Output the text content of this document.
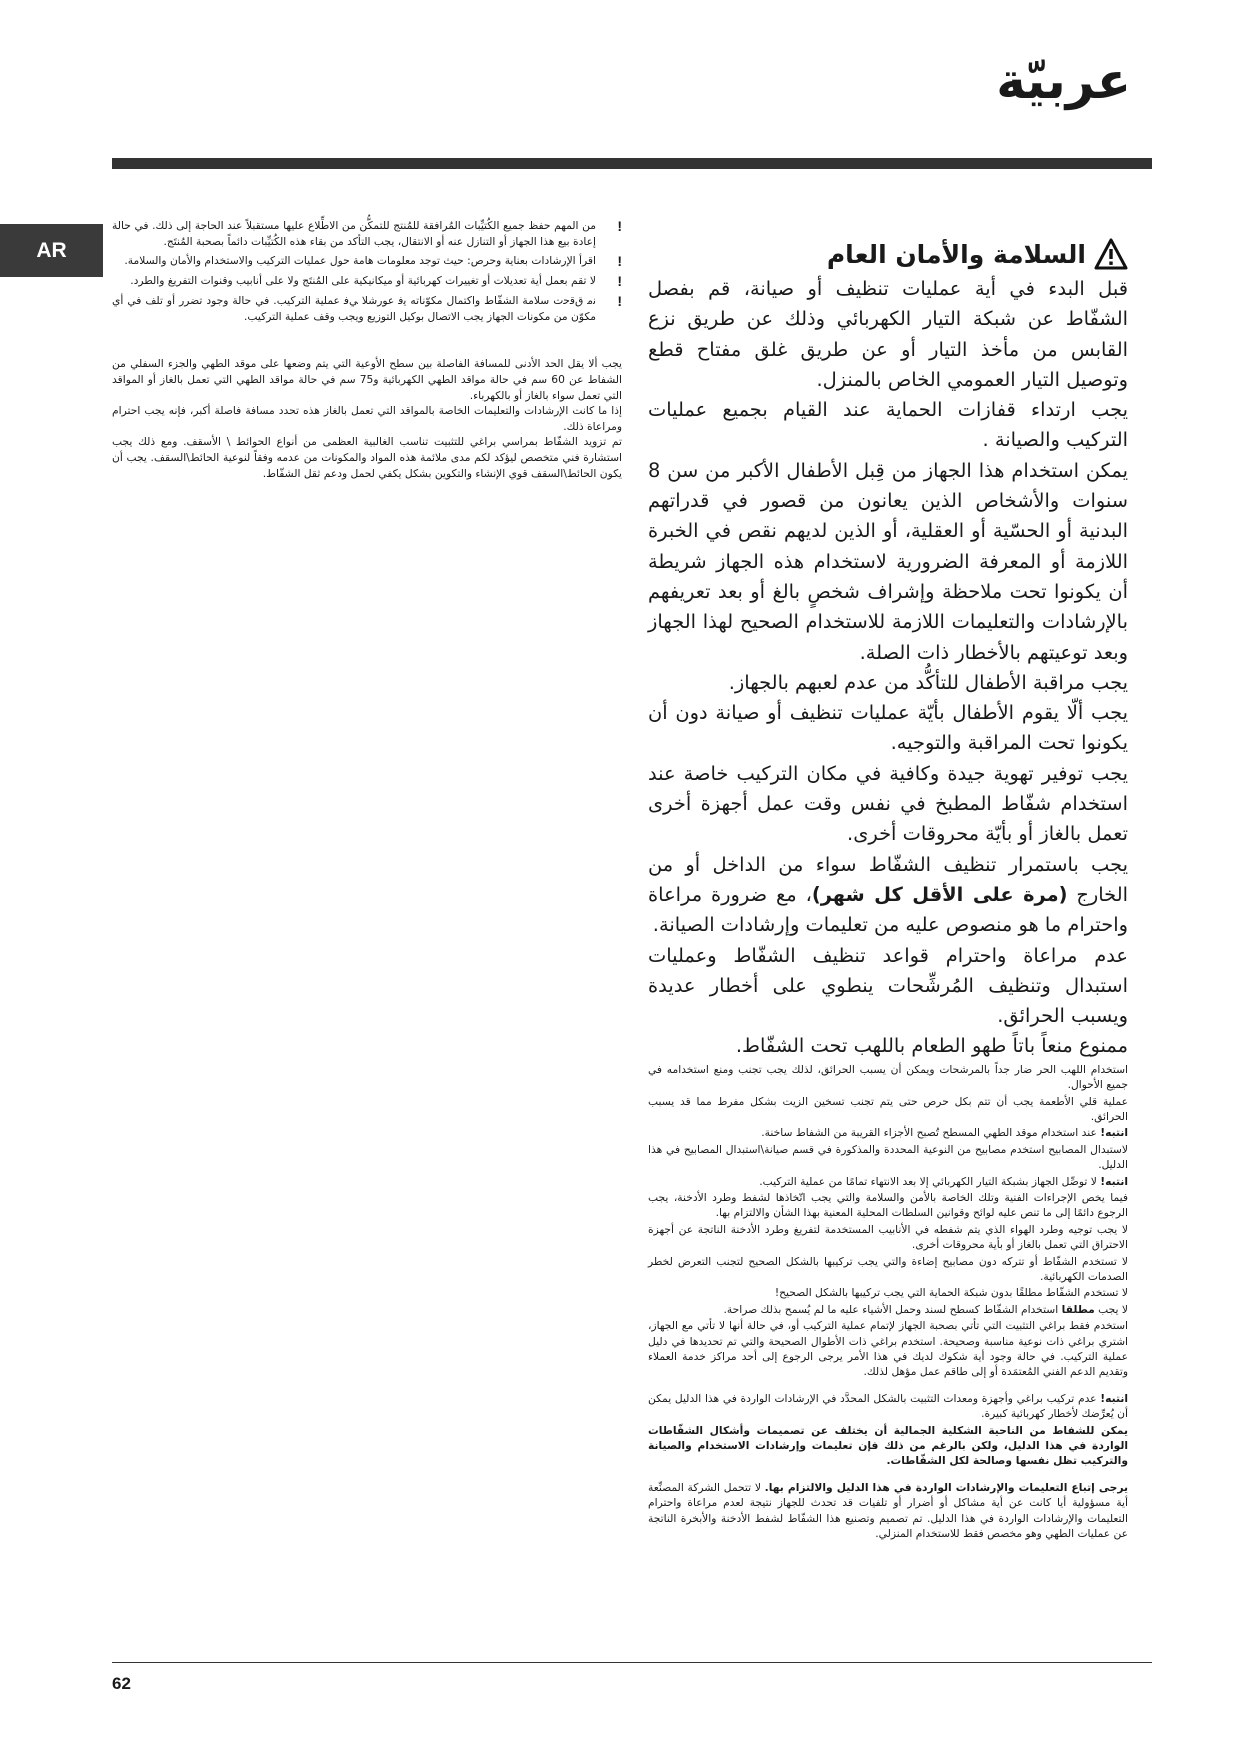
عربيّة
AR
!

من المهم حفظ جميع الكُتيِّبات المُرافقة للمُنتج للتمكُّن من الاطِّلاع عليها مستقبلاً عند الحاجة إلى ذلك. في حالة إعادة بيع هذا الجهاز أو التنازل عنه أو الانتقال، يجب التأكد من بقاء هذه الكُتيِّبات دائماً بصحبة المُنتَج.

!

اقرأ الإرشادات بعناية وحرص: حيث توجد معلومات هامة حول عمليات التركيب والاستخدام والأمان والسلامة.

!

لا تقم بعمل أية تعديلات أو تغييرات كهربائية أو ميكانيكية على المُنتَج ولا على أنابيب وقنوات التفريغ والطرد.

!

ن‍ﻣ قﻗﺣت سلامة الشفّاط واكتمال مكوّناته ﻳﻓ عورشلا ﻲﻓ عملية التركيب. في حالة وجود تضرر أو تلف في أي مكوّن من مكونات الجهاز يجب الاتصال بوكيل التوزيع ويجب وقف عملية التركيب.

يجب ألا يقل الحد الأدنى للمسافة الفاصلة بين سطح الأوعية التي يتم وضعها على موقد الطهي والجزء السفلي من الشفاط عن 60 سم في حالة مواقد الطهي الكهربائية و75 سم في حالة مواقد الطهي التي تعمل بالغاز أو المواقد التي تعمل سواء بالغاز أو بالكهرباء.

إذا ما كانت الإرشادات والتعليمات الخاصة بالمواقد التي تعمل بالغاز هذه تحدد مسافة فاصلة أكبر، فإنه يجب احترام ومراعاة ذلك.

تم تزويد الشفّاط بمراسي براغي للتثبيت تناسب الغالبية العظمى من أنواع الحوائط \ الأسقف. ومع ذلك يجب استشارة فني متخصص ليؤكد لكم مدى ملائمة هذه المواد والمكونات من عدمه وفقاً لنوعية الحائط\السقف. يجب أن يكون الحائط\السقف قوي الإنشاء والتكوين بشكل يكفي لحمل ودعم ثقل الشفّاط.

السلامة والأمان العام

قبل البدء في أية عمليات تنظيف أو صيانة، قم بفصل الشفّاط عن شبكة التيار الكهربائي وذلك عن طريق نزع القابس من مأخذ التيار أو عن طريق غلق مفتاح قطع وتوصيل التيار العمومي الخاص بالمنزل.

يجب ارتداء قفازات الحماية عند القيام بجميع عمليات التركيب والصيانة .

يمكن استخدام هذا الجهاز من قِبل الأطفال الأكبر من سن 8 سنوات والأشخاص الذين يعانون من قصور في قدراتهم البدنية أو الحسّية أو العقلية، أو الذين لديهم نقص في الخبرة اللازمة أو المعرفة الضرورية لاستخدام هذه الجهاز شريطة أن يكونوا تحت ملاحظة وإشراف شخصٍ بالغ أو بعد تعريفهم بالإرشادات والتعليمات اللازمة للاستخدام الصحيح لهذا الجهاز وبعد توعيتهم بالأخطار ذات الصلة.

يجب مراقبة الأطفال للتأكُّد من عدم لعبهم بالجهاز.

يجب ألّا يقوم الأطفال بأيّة عمليات تنظيف أو صيانة دون أن يكونوا تحت المراقبة والتوجيه.

يجب توفير تهوية جيدة وكافية في مكان التركيب خاصة عند استخدام شفّاط المطبخ في نفس وقت عمل أجهزة أخرى تعمل بالغاز أو بأيّة محروقات أخرى.

يجب باستمرار تنظيف الشفّاط سواء من الداخل أو من الخارج (مرة على الأقل كل شهر)، مع ضرورة مراعاة واحترام ما هو منصوص عليه من تعليمات وإرشادات الصيانة.

عدم مراعاة واحترام قواعد تنظيف الشفّاط وعمليات استبدال وتنظيف المُرشِّحات ينطوي على أخطار عديدة ويسبب الحرائق.

ممنوع منعاً باتاً طهو الطعام باللهب تحت الشفّاط.

استخدام اللهب الحر ضار جداً بالمرشحات ويمكن أن يسبب الحرائق، لذلك يجب تجنب ومنع استخدامه في جميع الأحوال.

عملية قلي الأطعمة يجب أن تتم بكل حرص حتى يتم تجنب تسخين الزيت بشكل مفرط مما قد يسبب الحرائق.

انتبه! عند استخدام موقد الطهي المسطح تُصبح الأجزاء القريبة من الشفاط ساخنة.

لاستبدال المصابيح استخدم مصابيح من النوعية المحددة والمذكورة في قسم صيانة\استبدال المصابيح في هذا الدليل.

انتبه! لا توصِّل الجهاز بشبكة التيار الكهربائي إلا بعد الانتهاء تمامًا من عملية التركيب.

فيما يخص الإجراءات الفنية وتلك الخاصة بالأمن والسلامة والتي يجب اتّخاذها لشفط وطرد الأدخنة، يجب الرجوع دائمًا إلى ما تنص عليه لوائح وقوانين السلطات المحلية المعنية بهذا الشأن والالتزام بها.

لا يجب توجيه وطرد الهواء الذي يتم شفطه في الأنابيب المستخدمة لتفريغ وطرد الأدخنة الناتجة عن أجهزة الاحتراق التي تعمل بالغاز أو بأية محروقات أخرى.

لا تستخدم الشفّاط أو تتركه دون مصابيح إضاءة والتي يجب تركيبها بالشكل الصحيح لتجنب التعرض لخطر الصدمات الكهربائية.

لا تستخدم الشفّاط مطلقًا بدون شبكة الحماية التي يجب تركيبها بالشكل الصحيح!

لا يجب مطلقا استخدام الشفّاط كسطح لسند وحمل الأشياء عليه ما لم يُسمح بذلك صراحة.

استخدم فقط براغي التثبيت التي تأتي بصحبة الجهاز لإتمام عملية التركيب أو، في حالة أنها لا تأتي مع الجهاز، اشتري براغي ذات نوعية مناسبة وصحيحة. استخدم براغي ذات الأطوال الصحيحة والتي تم تحديدها في دليل عملية التركيب. في حالة وجود أية شكوك لديك في هذا الأمر يرجى الرجوع إلى أحد مراكز خدمة العملاء وتقديم الدعم الفني المُعتمَدة أو إلى طاقم عمل مؤهل لذلك.

انتبه! عدم تركيب براغي وأجهزة ومعدات التثبيت بالشكل المحدَّد في الإرشادات الواردة في هذا الدليل يمكن أن يُعرِّضك لأخطار كهربائية كبيرة.

يمكن للشفاط من الناحية الشكلية الجمالية أن يختلف عن تصميمات وأشكال الشفّاطات الواردة في هذا الدليل، ولكن بالرغم من ذلك فإن تعليمات وإرشادات الاستخدام والصيانة والتركيب تظل نفسها وصالحة لكل الشفّاطات.

يرجى إتباع التعليمات والإرشادات الواردة في هذا الدليل والالتزام بها. لا تتحمل الشركة المصنِّعة أية مسؤولية أيا كانت عن أية مشاكل أو أضرار أو تلفيات قد تحدث للجهاز نتيجة لعدم مراعاة واحترام التعليمات والإرشادات الواردة في هذا الدليل. تم تصميم وتصنيع هذا الشفّاط لشفط الأدخنة والأبخرة الناتجة عن عمليات الطهي وهو مخصص فقط للاستخدام المنزلي.

62
